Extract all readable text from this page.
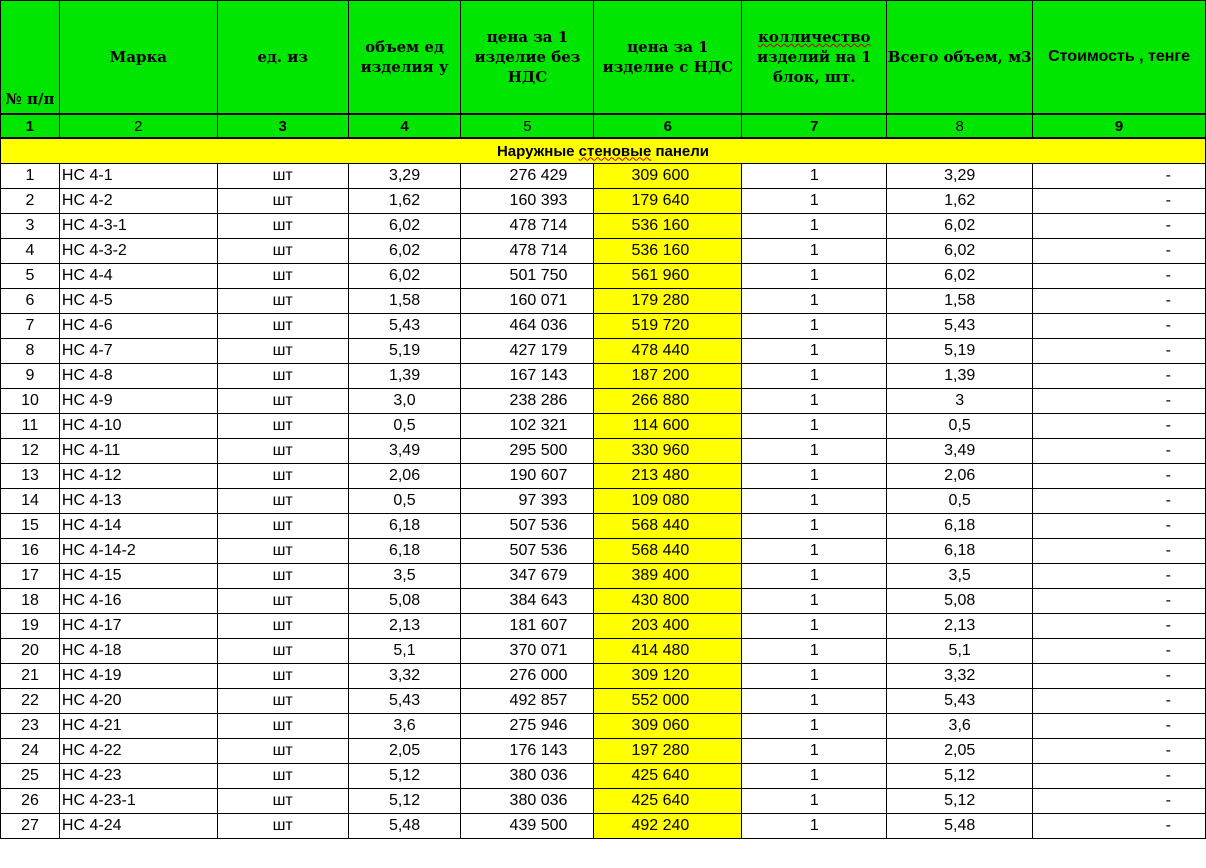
№ п/п	Марка	ед. из	объем ед изделия у	цена за 1 изделие без НДС	цена за 1 изделие с НДС	колличество изделий на 1 блок, шт.	Всего объем, м3	Стоимость , тенге
1	2	3	4	5	6	7	8	9
Наружные стеновые панели								
1	НС 4-1	шт	3,29	276 429	309 600	1	3,29	-
2	НС 4-2	шт	1,62	160 393	179 640	1	1,62	-
3	НС 4-3-1	шт	6,02	478 714	536 160	1	6,02	-
4	НС 4-3-2	шт	6,02	478 714	536 160	1	6,02	-
5	НС 4-4	шт	6,02	501 750	561 960	1	6,02	-
6	НС 4-5	шт	1,58	160 071	179 280	1	1,58	-
7	НС 4-6	шт	5,43	464 036	519 720	1	5,43	-
8	НС 4-7	шт	5,19	427 179	478 440	1	5,19	-
9	НС 4-8	шт	1,39	167 143	187 200	1	1,39	-
10	НС 4-9	шт	3,0	238 286	266 880	1	3	-
11	НС 4-10	шт	0,5	102 321	114 600	1	0,5	-
12	НС 4-11	шт	3,49	295 500	330 960	1	3,49	-
13	НС 4-12	шт	2,06	190 607	213 480	1	2,06	-
14	НС 4-13	шт	0,5	97 393	109 080	1	0,5	-
15	НС 4-14	шт	6,18	507 536	568 440	1	6,18	-
16	НС 4-14-2	шт	6,18	507 536	568 440	1	6,18	-
17	НС 4-15	шт	3,5	347 679	389 400	1	3,5	-
18	НС 4-16	шт	5,08	384 643	430 800	1	5,08	-
19	НС 4-17	шт	2,13	181 607	203 400	1	2,13	-
20	НС 4-18	шт	5,1	370 071	414 480	1	5,1	-
21	НС 4-19	шт	3,32	276 000	309 120	1	3,32	-
22	НС 4-20	шт	5,43	492 857	552 000	1	5,43	-
23	НС 4-21	шт	3,6	275 946	309 060	1	3,6	-
24	НС 4-22	шт	2,05	176 143	197 280	1	2,05	-
25	НС 4-23	шт	5,12	380 036	425 640	1	5,12	-
26	НС 4-23-1	шт	5,12	380 036	425 640	1	5,12	-
27	НС 4-24	шт	5,48	439 500	492 240	1	5,48	-
